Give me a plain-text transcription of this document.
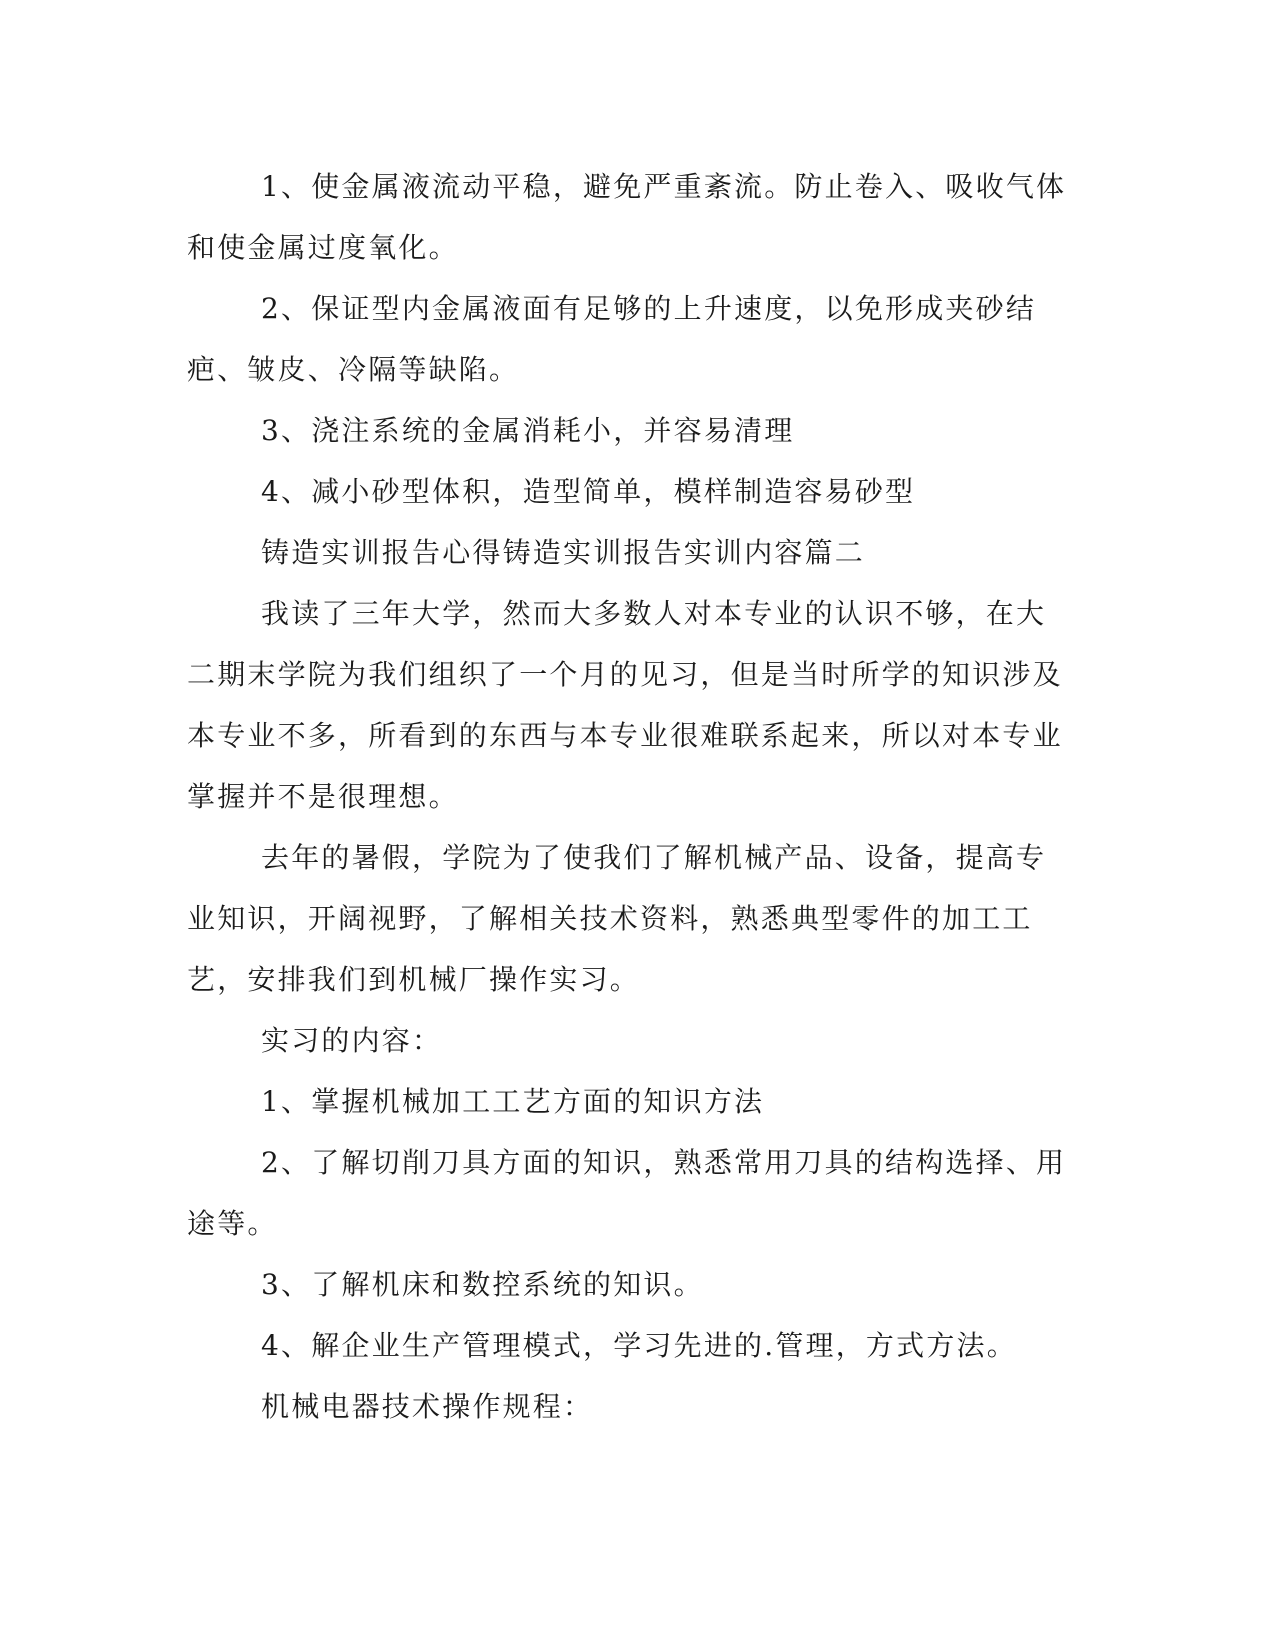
1、使金属液流动平稳，避免严重紊流。防止卷入、吸收气体和使金属过度氧化。

2、保证型内金属液面有足够的上升速度，以免形成夹砂结疤、皱皮、冷隔等缺陷。

3、浇注系统的金属消耗小，并容易清理

4、减小砂型体积，造型简单，模样制造容易砂型

铸造实训报告心得铸造实训报告实训内容篇二

我读了三年大学，然而大多数人对本专业的认识不够，在大二期末学院为我们组织了一个月的见习，但是当时所学的知识涉及本专业不多，所看到的东西与本专业很难联系起来，所以对本专业掌握并不是很理想。

去年的暑假，学院为了使我们了解机械产品、设备，提高专业知识，开阔视野，了解相关技术资料，熟悉典型零件的加工工艺，安排我们到机械厂操作实习。

实习的内容：

1、掌握机械加工工艺方面的知识方法

2、了解切削刀具方面的知识，熟悉常用刀具的结构选择、用途等。

3、了解机床和数控系统的知识。

4、解企业生产管理模式，学习先进的.管理，方式方法。

机械电器技术操作规程：
